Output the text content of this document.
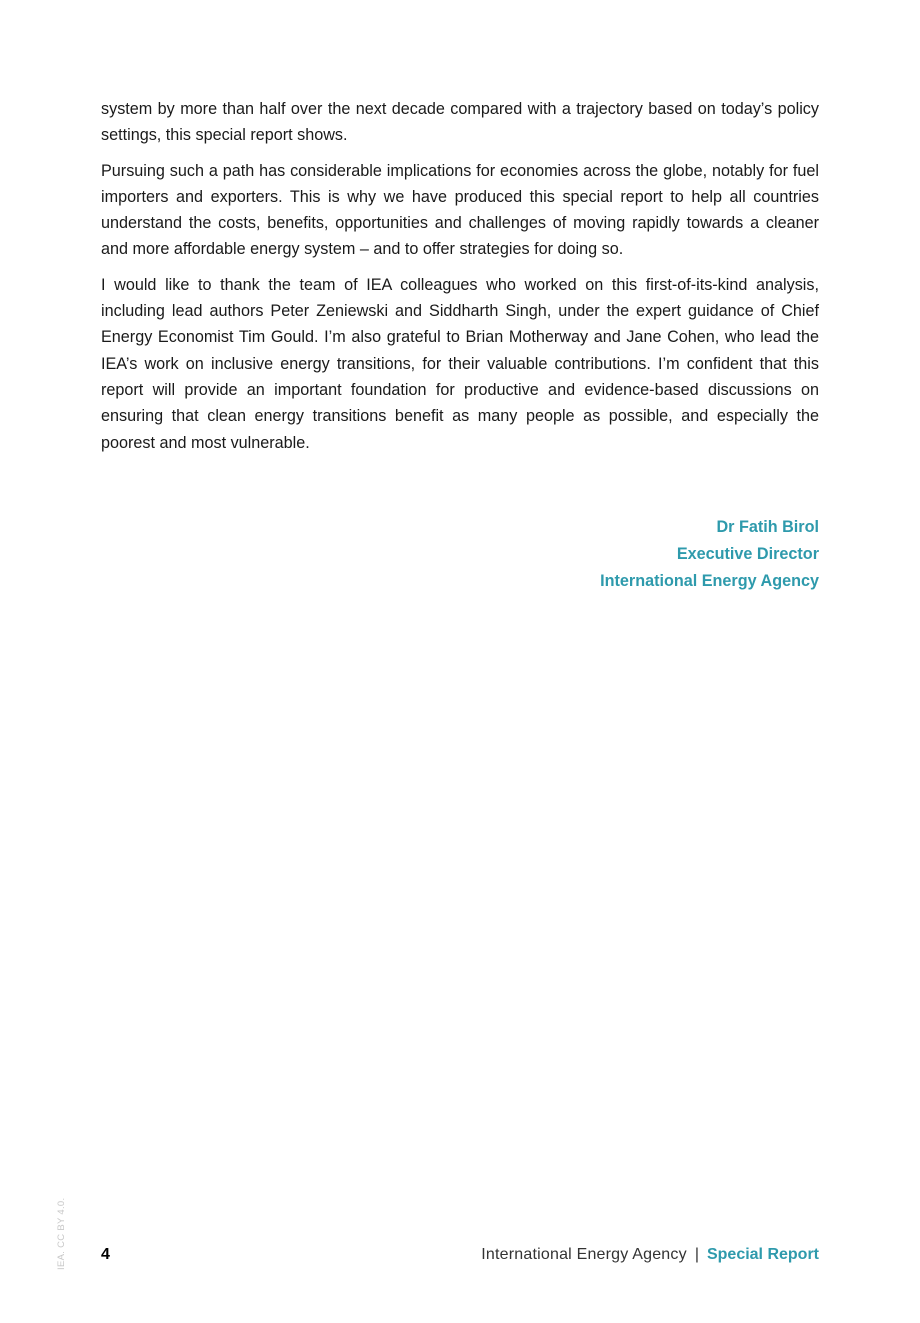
system by more than half over the next decade compared with a trajectory based on today’s policy settings, this special report shows.

Pursuing such a path has considerable implications for economies across the globe, notably for fuel importers and exporters. This is why we have produced this special report to help all countries understand the costs, benefits, opportunities and challenges of moving rapidly towards a cleaner and more affordable energy system – and to offer strategies for doing so.

I would like to thank the team of IEA colleagues who worked on this first-of-its-kind analysis, including lead authors Peter Zeniewski and Siddharth Singh, under the expert guidance of Chief Energy Economist Tim Gould. I’m also grateful to Brian Motherway and Jane Cohen, who lead the IEA’s work on inclusive energy transitions, for their valuable contributions. I’m confident that this report will provide an important foundation for productive and evidence-based discussions on ensuring that clean energy transitions benefit as many people as possible, and especially the poorest and most vulnerable.

Dr Fatih Birol
Executive Director
International Energy Agency
IEA. CC BY 4.0.	4	International Energy Agency | Special Report
